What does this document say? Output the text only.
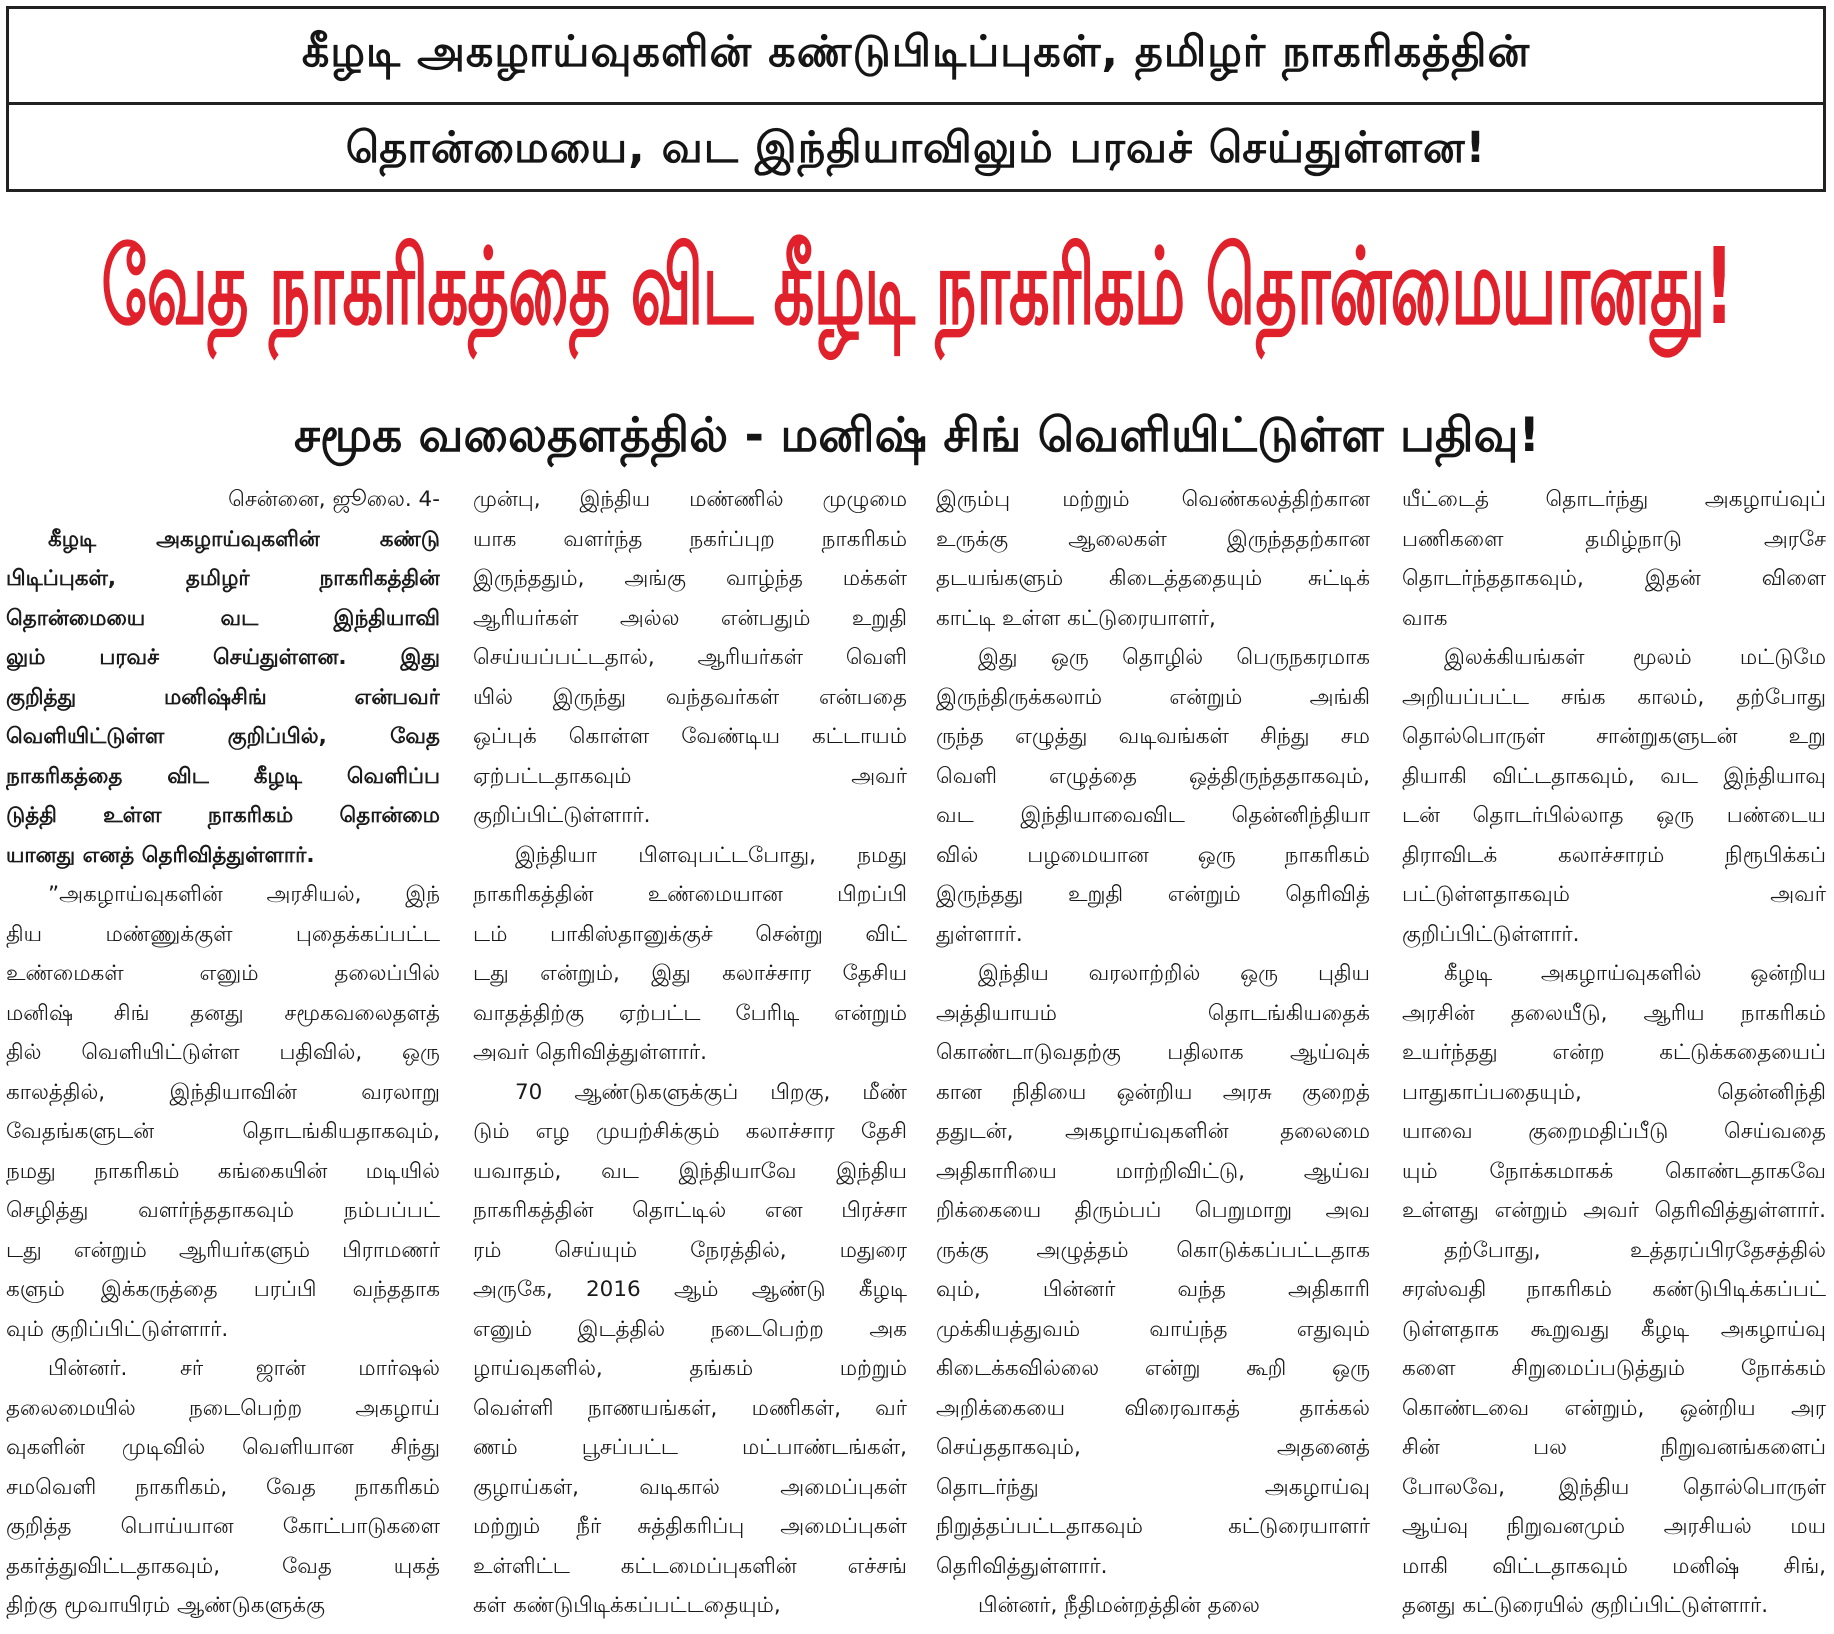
கீழடி அகழாய்வுகளின் கண்டுபிடிப்புகள், தமிழர் நாகரிகத்தின்
தொன்மையை, வட இந்தியாவிலும் பரவச் செய்துள்ளன!
வேத நாகரிகத்தை விட கீழடி நாகரிகம் தொன்மையானது!
சமூக வலைதளத்தில் - மனிஷ் சிங் வெளியிட்டுள்ள பதிவு!
சென்னை, ஜூலை. 4-
கீழடி அகழாய்வுகளின் கண்டு
பிடிப்புகள், தமிழர் நாகரிகத்தின்
தொன்மையை வட இந்தியாவி
லும் பரவச் செய்துள்ளன. இது
குறித்து மனிஷ்சிங் என்பவர்
வெளியிட்டுள்ள குறிப்பில், வேத
நாகரிகத்தை விட கீழடி வெளிப்ப
டுத்தி உள்ள நாகரிகம் தொன்மை
யானது எனத் தெரிவித்துள்ளார்.
”அகழாய்வுகளின் அரசியல், இந்
திய மண்ணுக்குள் புதைக்கப்பட்ட
உண்மைகள் எனும் தலைப்பில்
மனிஷ் சிங் தனது சமூகவலைதளத்
தில் வெளியிட்டுள்ள பதிவில், ஒரு
காலத்தில், இந்தியாவின் வரலாறு
வேதங்களுடன் தொடங்கியதாகவும்,
நமது நாகரிகம் கங்கையின் மடியில்
செழித்து வளர்ந்ததாகவும் நம்பப்பட்
டது என்றும் ஆரியர்களும் பிராமணர்
களும் இக்கருத்தை பரப்பி வந்ததாக
வும் குறிப்பிட்டுள்ளார்.
பின்னர். சர் ஜான் மார்ஷல்
தலைமையில் நடைபெற்ற அகழாய்
வுகளின் முடிவில் வெளியான சிந்து
சமவெளி நாகரிகம், வேத நாகரிகம்
குறித்த பொய்யான கோட்பாடுகளை
தகர்த்துவிட்டதாகவும், வேத யுகத்
திற்கு மூவாயிரம் ஆண்டுகளுக்கு
முன்பு, இந்திய மண்ணில் முழுமை
யாக வளர்ந்த நகர்ப்புற நாகரிகம்
இருந்ததும், அங்கு வாழ்ந்த மக்கள்
ஆரியர்கள் அல்ல என்பதும் உறுதி
செய்யப்பட்டதால், ஆரியர்கள் வெளி
யில் இருந்து வந்தவர்கள் என்பதை
ஒப்புக் கொள்ள வேண்டிய கட்டாயம்
ஏற்பட்டதாகவும் அவர்
குறிப்பிட்டுள்ளார்.
இந்தியா பிளவுபட்டபோது, நமது
நாகரிகத்தின் உண்மையான பிறப்பி
டம் பாகிஸ்தானுக்குச் சென்று விட்
டது என்றும், இது கலாச்சார தேசிய
வாதத்திற்கு ஏற்பட்ட பேரிடி என்றும்
அவர் தெரிவித்துள்ளார்.
70 ஆண்டுகளுக்குப் பிறகு, மீண்
டும் எழ முயற்சிக்கும் கலாச்சார தேசி
யவாதம், வட இந்தியாவே இந்திய
நாகரிகத்தின் தொட்டில் என பிரச்சா
ரம் செய்யும் நேரத்தில், மதுரை
அருகே, 2016 ஆம் ஆண்டு கீழடி
எனும் இடத்தில் நடைபெற்ற அக
ழாய்வுகளில், தங்கம் மற்றும்
வெள்ளி நாணயங்கள், மணிகள், வர்
ணம் பூசப்பட்ட மட்பாண்டங்கள்,
குழாய்கள், வடிகால் அமைப்புகள்
மற்றும் நீர் சுத்திகரிப்பு அமைப்புகள்
உள்ளிட்ட கட்டமைப்புகளின் எச்சங்
கள் கண்டுபிடிக்கப்பட்டதையும்,
இரும்பு மற்றும் வெண்கலத்திற்கான
உருக்கு ஆலைகள் இருந்ததற்கான
தடயங்களும் கிடைத்ததையும் சுட்டிக்
காட்டி உள்ள கட்டுரையாளர்,
இது ஒரு தொழில் பெருநகரமாக
இருந்திருக்கலாம் என்றும் அங்கி
ருந்த எழுத்து வடிவங்கள் சிந்து சம
வெளி எழுத்தை ஒத்திருந்ததாகவும்,
வட இந்தியாவைவிட தென்னிந்தியா
வில் பழமையான ஒரு நாகரிகம்
இருந்தது உறுதி என்றும் தெரிவித்
துள்ளார்.
இந்திய வரலாற்றில் ஒரு புதிய
அத்தியாயம் தொடங்கியதைக்
கொண்டாடுவதற்கு பதிலாக ஆய்வுக்
கான நிதியை ஒன்றிய அரசு குறைத்
ததுடன், அகழாய்வுகளின் தலைமை
அதிகாரியை மாற்றிவிட்டு, ஆய்வ
றிக்கையை திரும்பப் பெறுமாறு அவ
ருக்கு அழுத்தம் கொடுக்கப்பட்டதாக
வும், பின்னர் வந்த அதிகாரி
முக்கியத்துவம் வாய்ந்த எதுவும்
கிடைக்கவில்லை என்று கூறி ஒரு
அறிக்கையை விரைவாகத் தாக்கல்
செய்ததாகவும், அதனைத்
தொடர்ந்து அகழாய்வு
நிறுத்தப்பட்டதாகவும் கட்டுரையாளர்
தெரிவித்துள்ளார்.
பின்னர், நீதிமன்றத்தின் தலை
யீட்டைத் தொடர்ந்து அகழாய்வுப்
பணிகளை தமிழ்நாடு அரசே
தொடர்ந்ததாகவும், இதன் விளை
வாக
இலக்கியங்கள் மூலம் மட்டுமே
அறியப்பட்ட சங்க காலம், தற்போது
தொல்பொருள் சான்றுகளுடன் உறு
தியாகி விட்டதாகவும், வட இந்தியாவு
டன் தொடர்பில்லாத ஒரு பண்டைய
திராவிடக் கலாச்சாரம் நிரூபிக்கப்
பட்டுள்ளதாகவும் அவர்
குறிப்பிட்டுள்ளார்.
கீழடி அகழாய்வுகளில் ஒன்றிய
அரசின் தலையீடு, ஆரிய நாகரிகம்
உயர்ந்தது என்ற கட்டுக்கதையைப்
பாதுகாப்பதையும், தென்னிந்தி
யாவை குறைமதிப்பீடு செய்வதை
யும் நோக்கமாகக் கொண்டதாகவே
உள்ளது என்றும் அவர் தெரிவித்துள்ளார்.
தற்போது, உத்தரப்பிரதேசத்தில்
சரஸ்வதி நாகரிகம் கண்டுபிடிக்கப்பட்
டுள்ளதாக கூறுவது கீழடி அகழாய்வு
களை சிறுமைப்படுத்தும் நோக்கம்
கொண்டவை என்றும், ஒன்றிய அர
சின் பல நிறுவனங்களைப்
போலவே, இந்திய தொல்பொருள்
ஆய்வு நிறுவனமும் அரசியல் மய
மாகி விட்டதாகவும் மனிஷ் சிங்,
தனது கட்டுரையில் குறிப்பிட்டுள்ளார்.
